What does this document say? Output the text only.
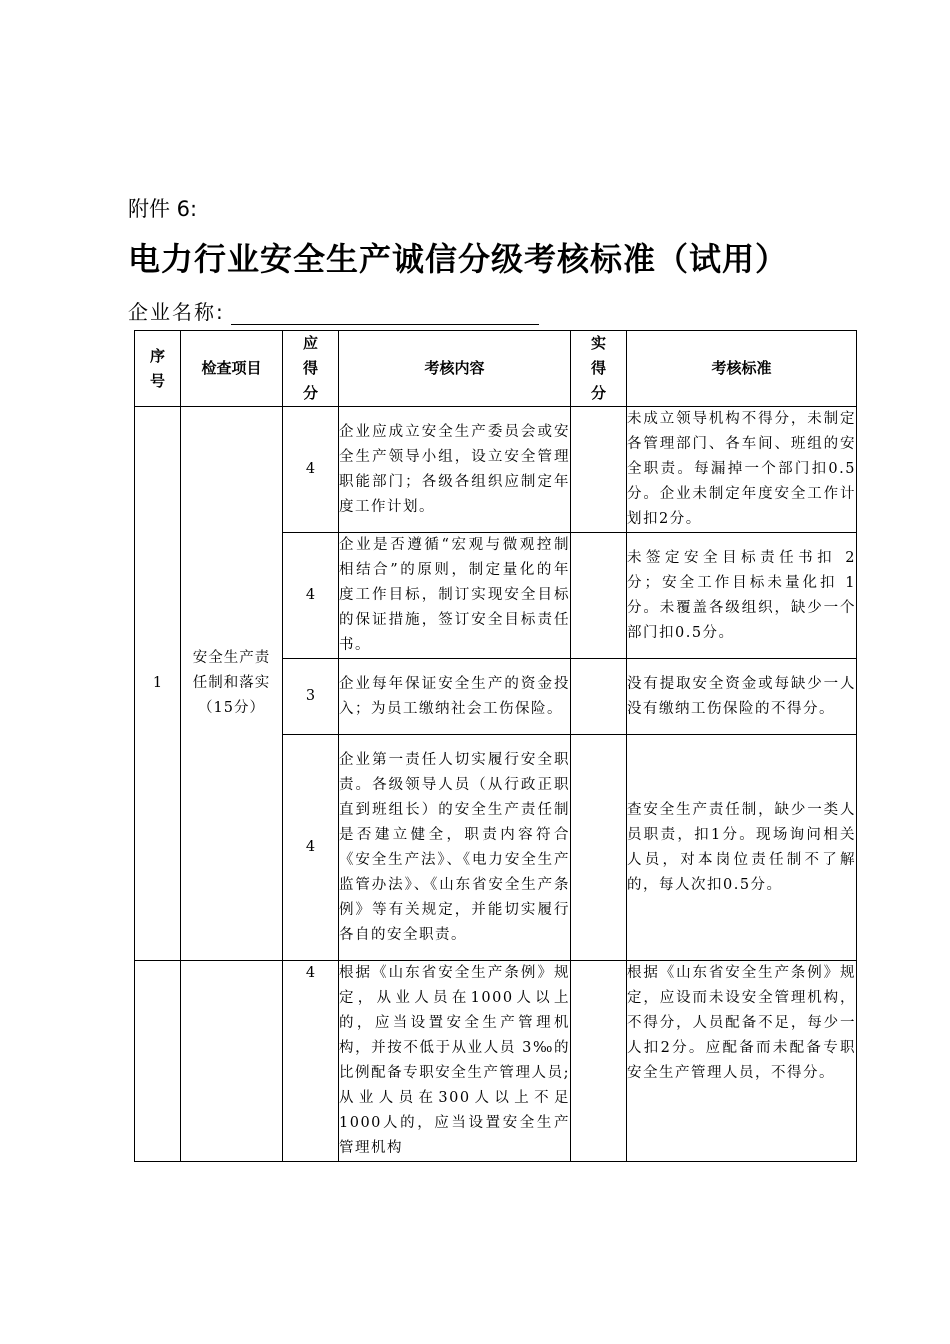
附件 6:
电力行业安全生产诚信分级考核标准（试用）
企业名称:
序号	检查项目	应得分	考核内容	实得分	考核标准
1	安全生产责任制和落实（15分）	4	企业应成立安全生产委员会或安全生产领导小组，设立安全管理职能部门；各级各组织应制定年度工作计划。		未成立领导机构不得分，未制定各管理部门、各车间、班组的安全职责。每漏掉一个部门扣0.5分。企业未制定年度安全工作计划扣2分。
		4	企业是否遵循“宏观与微观控制相结合”的原则，制定量化的年度工作目标，制订实现安全目标的保证措施，签订安全目标责任书。		未签定安全目标责任书扣 2 分；安全工作目标未量化扣 1 分。未覆盖各级组织，缺少一个部门扣0.5分。
		3	企业每年保证安全生产的资金投入；为员工缴纳社会工伤保险。		没有提取安全资金或每缺少一人没有缴纳工伤保险的不得分。
		4	企业第一责任人切实履行安全职责。各级领导人员（从行政正职直到班组长）的安全生产责任制是否建立健全，职责内容符合《安全生产法》、《电力安全生产监管办法》、《山东省安全生产条例》等有关规定，并能切实履行各自的安全职责。		查安全生产责任制，缺少一类人员职责，扣1分。现场询问相关人员，对本岗位责任制不了解的，每人次扣0.5分。
		4	根据《山东省安全生产条例》规定，从业人员在1000人以上的，应当设置安全生产管理机构，并按不低于从业人员 3‰的比例配备专职安全生产管理人员;从业人员在300人以上不足1000人的，应当设置安全生产管理机构		根据《山东省安全生产条例》规定，应设而未设安全管理机构，不得分，人员配备不足，每少一人扣2分。应配备而未配备专职安全生产管理人员，不得分。
